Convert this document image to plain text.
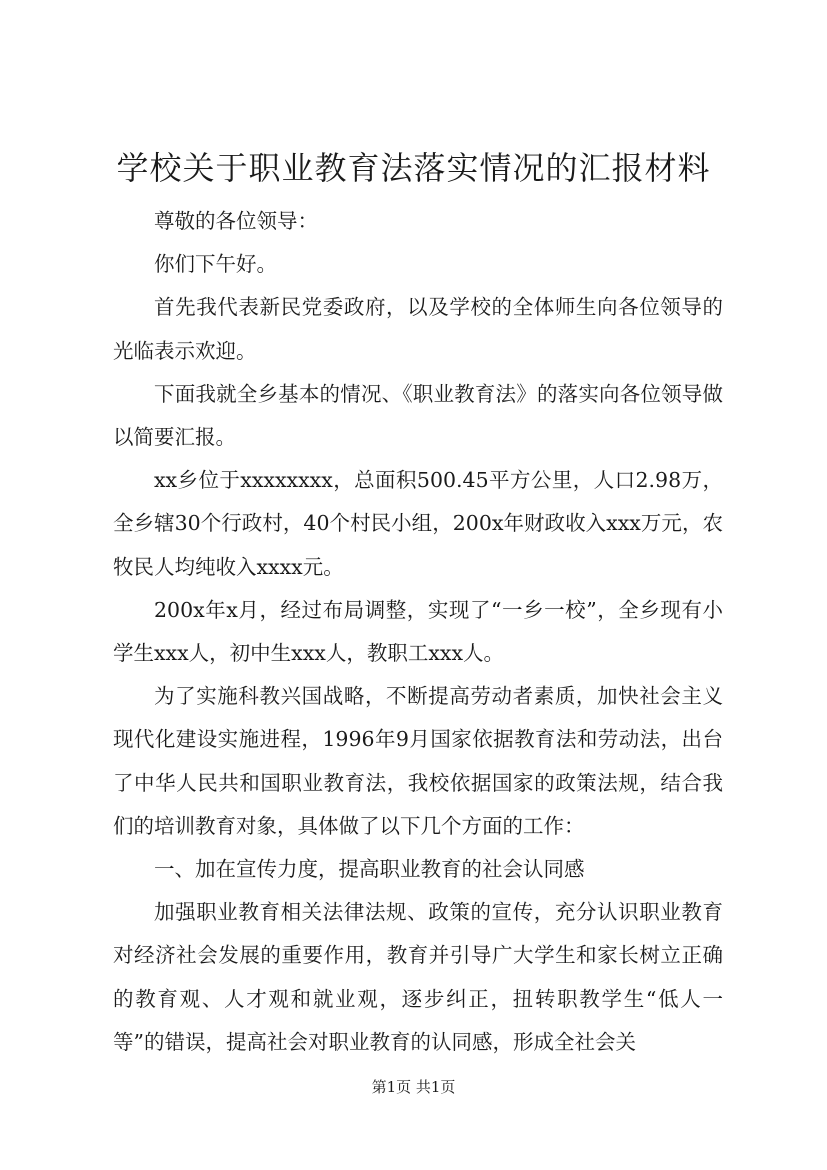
学校关于职业教育法落实情况的汇报材料

尊敬的各位领导：

你们下午好。

首先我代表新民党委政府，以及学校的全体师生向各位领导的光临表示欢迎。

下面我就全乡基本的情况、《职业教育法》的落实向各位领导做以简要汇报。

xx乡位于xxxxxxxx，总面积500.45平方公里，人口2.98万，全乡辖30个行政村，40个村民小组，200x年财政收入xxx万元，农牧民人均纯收入xxxx元。

200x年x月，经过布局调整，实现了“一乡一校”，全乡现有小学生xxx人，初中生xxx人，教职工xxx人。

为了实施科教兴国战略，不断提高劳动者素质，加快社会主义现代化建设实施进程，1996年9月国家依据教育法和劳动法，出台了中华人民共和国职业教育法，我校依据国家的政策法规，结合我们的培训教育对象，具体做了以下几个方面的工作：

一、加在宣传力度，提高职业教育的社会认同感

加强职业教育相关法律法规、政策的宣传，充分认识职业教育对经济社会发展的重要作用，教育并引导广大学生和家长树立正确的教育观、人才观和就业观，逐步纠正，扭转职教学生“低人一等”的错误，提高社会对职业教育的认同感，形成全社会关

第1页 共1页
